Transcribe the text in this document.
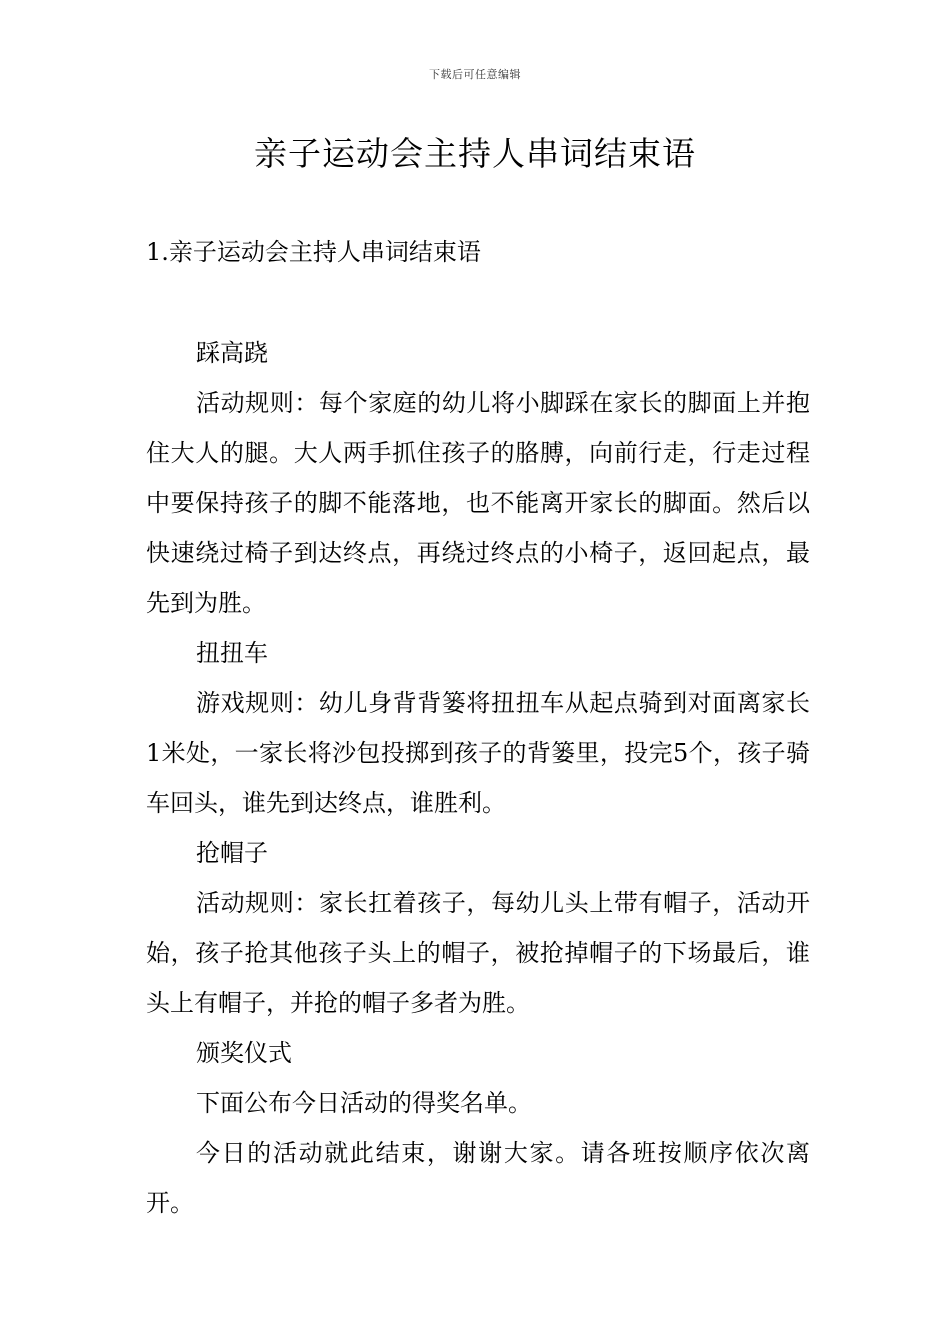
下载后可任意编辑
亲子运动会主持人串词结束语
1.亲子运动会主持人串词结束语

踩高跷

活动规则：每个家庭的幼儿将小脚踩在家长的脚面上并抱住大人的腿。大人两手抓住孩子的胳膊，向前行走，行走过程中要保持孩子的脚不能落地，也不能离开家长的脚面。然后以快速绕过椅子到达终点，再绕过终点的小椅子，返回起点，最先到为胜。

扭扭车

游戏规则：幼儿身背背篓将扭扭车从起点骑到对面离家长1米处，一家长将沙包投掷到孩子的背篓里，投完5个，孩子骑车回头，谁先到达终点，谁胜利。

抢帽子

活动规则：家长扛着孩子，每幼儿头上带有帽子，活动开始，孩子抢其他孩子头上的帽子，被抢掉帽子的下场最后，谁头上有帽子，并抢的帽子多者为胜。

颁奖仪式

下面公布今日活动的得奖名单。

今日的活动就此结束，谢谢大家。请各班按顺序依次离开。
